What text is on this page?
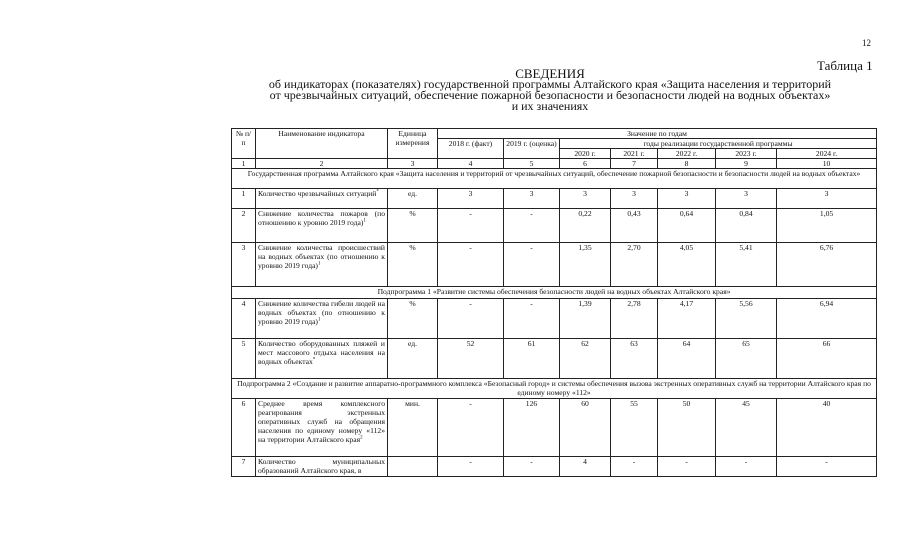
12
Таблица 1
СВЕДЕНИЯ
об индикаторах (показателях) государственной программы Алтайского края «Защита населения и территорий
от чрезвычайных ситуаций, обеспечение пожарной безопасности и безопасности людей на водных объектах»
и их значениях
№ п/п	Наименование индикатора	Единица измерения	Значение по годам						
			2018 г. (факт)	2019 г. (оценка)	годы реализации государственной программы				
					2020 г.	2021 г.	2022 г.	2023 г.	2024 г.
1	2	3	4	5	6	7	8	9	10
Государственная программа Алтайского края «Защита населения и территорий от чрезвычайных ситуаций, обеспечение пожарной безопасности и безопасности людей на водных объектах»									
1	Количество чрезвычайных ситуаций*	ед.	3	3	3	3	3	3	3
2	Снижение количества пожаров (по отношению к уровню 2019 года)$^1$	%	-	-	0,22	0,43	0,64	0,84	1,05
3	Снижение количества происшествий на водных объектах (по отношению к уровню 2019 года)$^1$	%	-	-	1,35	2,70	4,05	5,41	6,76
Подпрограмма 1 «Развитие системы обеспечения безопасности людей на водных объектах Алтайского края»									
4	Снижение количества гибели людей на водных объектах (по отношению к уровню 2019 года)$^1$	%	-	-	1,39	2,78	4,17	5,56	6,94
5	Количество оборудованных пляжей и мест массового отдыха населения на водных объектах*	ед.	52	61	62	63	64	65	66
Подпрограмма 2 «Создание и развитие аппаратно-программного комплекса «Безопасный город» и системы обеспечения вызова экстренных оперативных служб на территории Алтайского края по единому номеру «112»									
6	Среднее время комплексного реагирования экстренных оперативных служб на обращения населения по единому номеру «112» на территории Алтайского края$^2$	мин.	-	126	60	55	50	45	40
7	Количество муниципальных образований Алтайского края, в		-	-	4	-	-	-	-
